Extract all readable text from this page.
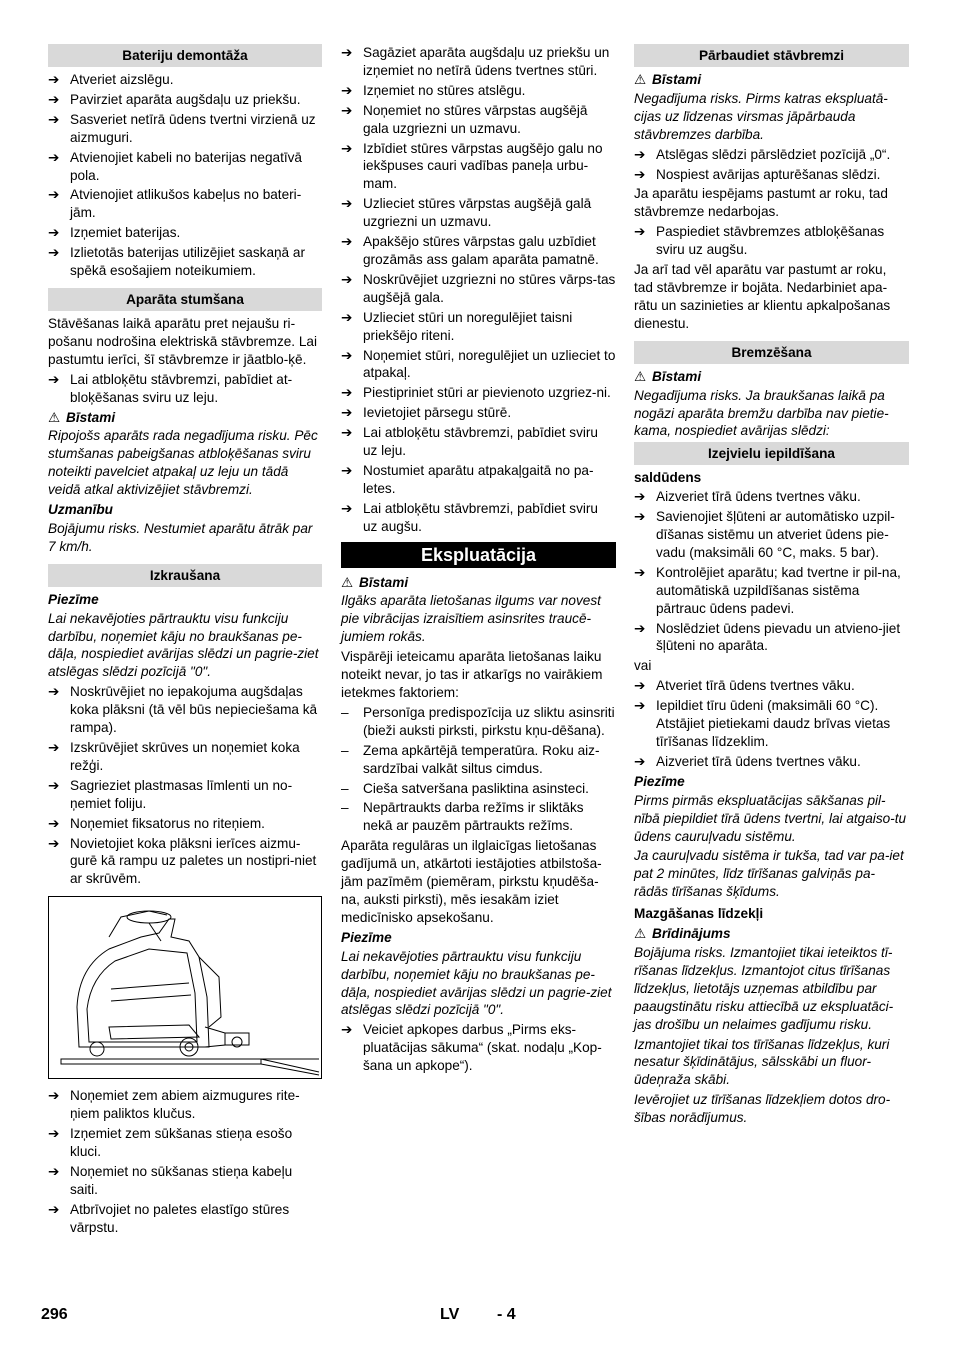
Bateriju demontāža
➔ Atveriet aizslēgu.
➔ Pavirziet aparāta augšdaļu uz priekšu.
➔ Sasveriet netīrā ūdens tvertni virzienā uz aizmuguri.
➔ Atvienojiet kabeli no baterijas negatīvā pola.
➔ Atvienojiet atlikušos kabeļus no bateri-jām.
➔ Izņemiet baterijas.
➔ Izlietotās baterijas utilizējiet saskaņā ar spēkā esošajiem noteikumiem.
Aparāta stumšana
Stāvēšanas laikā aparātu pret nejaušu ri-pošanu nodrošina elektriskā stāvbremze. Lai pastumtu ierīci, šī stāvbremze ir jāatblo-ķē.
➔ Lai atbloķētu stāvbremzi, pabīdiet at-bloķēšanas sviru uz leju.
⚠ Bīstami
Ripojošs aparāts rada negadījuma risku. Pēc stumšanas pabeigšanas atbloķēšanas sviru noteikti pavelciet atpakaļ uz leju un tādā veidā atkal aktivizējiet stāvbremzi.
Uzmanību
Bojājumu risks. Nestumiet aparātu ātrāk par 7 km/h.
Izkraušana
Piezīme
Lai nekavējoties pārtrauktu visu funkciju darbību, noņemiet kāju no braukšanas pe-dāļa, nospiediet avārijas slēdzi un pagrie-ziet atslēgas slēdzi pozīcijā "0".
➔ Noskrūvējiet no iepakojuma augšdaļas koka plāksni (tā vēl būs nepieciešama kā rampa).
➔ Izskrūvējiet skrūves un noņemiet koka režģi.
➔ Sagrieziet plastmasas līmlenti un no-ņemiet foliju.
➔ Noņemiet fiksatorus no riteņiem.
➔ Novietojiet koka plāksni ierīces aizmu-gurē kā rampu uz paletes un nostipri-niet ar skrūvēm.
➔ Noņemiet zem abiem aizmugures rite-ņiem paliktos klučus.
➔ Izņemiet zem sūkšanas stieņa esošo kluci.
➔ Noņemiet no sūkšanas stieņa kabeļu saiti.
➔ Atbrīvojiet no paletes elastīgo stūres vārpstu.
➔ Sagāziet aparāta augšdaļu uz priekšu un izņemiet no netīrā ūdens tvertnes stūri.
➔ Izņemiet no stūres atslēgu.
➔ Noņemiet no stūres vārpstas augšējā gala uzgriezni un uzmavu.
➔ Izbīdiet stūres vārpstas augšējo galu no iekšpuses cauri vadības paneļa urbu-mam.
➔ Uzlieciet stūres vārpstas augšējā galā uzgriezni un uzmavu.
➔ Apakšējo stūres vārpstas galu uzbīdiet grozāmās ass galam aparāta pamatnē.
➔ Noskrūvējiet uzgriezni no stūres vārps-tas augšējā gala.
➔ Uzlieciet stūri un noregulējiet taisni priekšējo riteni.
➔ Noņemiet stūri, noregulējiet un uzlieciet to atpakaļ.
➔ Piestipriniet stūri ar pievienoto uzgriez-ni.
➔ Ievietojiet pārsegu stūrē.
➔ Lai atbloķētu stāvbremzi, pabīdiet sviru uz leju.
➔ Nostumiet aparātu atpakaļgaitā no pa-letes.
➔ Lai atbloķētu stāvbremzi, pabīdiet sviru uz augšu.
Ekspluatācija
⚠ Bīstami
Ilgāks aparāta lietošanas ilgums var novest pie vibrācijas izraisītiem asinsrites traucē-jumiem rokās.
Vispārēji ieteicamu aparāta lietošanas laiku noteikt nevar, jo tas ir atkarīgs no vairākiem ietekmes faktoriem:
– Personīga predispozīcija uz sliktu asinsriti (bieži auksti pirksti, pirkstu kņu-dēšana).
– Zema apkārtējā temperatūra. Roku aiz-sardzībai valkāt siltus cimdus.
– Cieša satveršana pasliktina asinsteci.
– Nepārtraukts darba režīms ir sliktāks nekā ar pauzēm pārtraukts režīms.
Aparāta regulāras un ilglaicīgas lietošanas gadījumā un, atkārtoti iestājoties atbilstoša-jām pazīmēm (piemēram, pirkstu kņudēša-na, auksti pirksti), mēs iesakām iziet medicīnisko apsekošanu.
Piezīme
Lai nekavējoties pārtrauktu visu funkciju darbību, noņemiet kāju no braukšanas pe-dāļa, nospiediet avārijas slēdzi un pagrie-ziet atslēgas slēdzi pozīcijā "0".
➔ Veiciet apkopes darbus „Pirms eks-pluatācijas sākuma“ (skat. nodaļu „Kop-šana un apkope“).
Pārbaudiet stāvbremzi
⚠ Bīstami
Negadījuma risks. Pirms katras ekspluatā-cijas uz līdzenas virsmas jāpārbauda stāvbremzes darbība.
➔ Atslēgas slēdzi pārslēdziet pozīcijā „0“.
➔ Nospiest avārijas apturēšanas slēdzi.
Ja aparātu iespējams pastumt ar roku, tad stāvbremze nedarbojas.
➔ Paspiediet stāvbremzes atbloķēšanas sviru uz augšu.
Ja arī tad vēl aparātu var pastumt ar roku, tad stāvbremze ir bojāta. Nedarbiniet apa-rātu un sazinieties ar klientu apkalpošanas dienestu.
Bremzēšana
⚠ Bīstami
Negadījuma risks. Ja braukšanas laikā pa nogāzi aparāta bremžu darbība nav pietie-kama, nospiediet avārijas slēdzi:
Izejvielu iepildīšana
saldūdens
➔ Aizveriet tīrā ūdens tvertnes vāku.
➔ Savienojiet šļūteni ar automātisko uzpil-dīšanas sistēmu un atveriet ūdens pie-vadu (maksimāli 60 °C, maks. 5 bar).
➔ Kontrolējiet aparātu; kad tvertne ir pil-na, automātiskā uzpildīšanas sistēma pārtrauc ūdens padevi.
➔ Noslēdziet ūdens pievadu un atvieno-jiet šļūteni no aparāta.
vai
➔ Atveriet tīrā ūdens tvertnes vāku.
➔ Iepildiet tīru ūdeni (maksimāli 60 °C). Atstājiet pietiekami daudz brīvas vietas tīrīšanas līdzeklim.
➔ Aizveriet tīrā ūdens tvertnes vāku.
Piezīme
Pirms pirmās ekspluatācijas sākšanas pil-nībā piepildiet tīrā ūdens tvertni, lai atgaiso-tu ūdens cauruļvadu sistēmu.
Ja cauruļvadu sistēma ir tukša, tad var pa-iet pat 2 minūtes, līdz tīrīšanas galviņās pa-rādās tīrīšanas šķīdums.
Mazgāšanas līdzekļi
⚠ Brīdinājums
Bojājuma risks. Izmantojiet tikai ieteiktos tī-rīšanas līdzekļus. Izmantojot citus tīrīšanas līdzekļus, lietotājs uzņemas atbildību par paaugstinātu risku attiecībā uz ekspluatāci-jas drošību un nelaimes gadījumu risku.
Izmantojiet tikai tos tīrīšanas līdzekļus, kuri nesatur šķīdinātājus, sālsskābi un fluor-ūdeņraža skābi.
Ievērojiet uz tīrīšanas līdzekļiem dotos dro-šības norādījumus.
296	LV - 4
